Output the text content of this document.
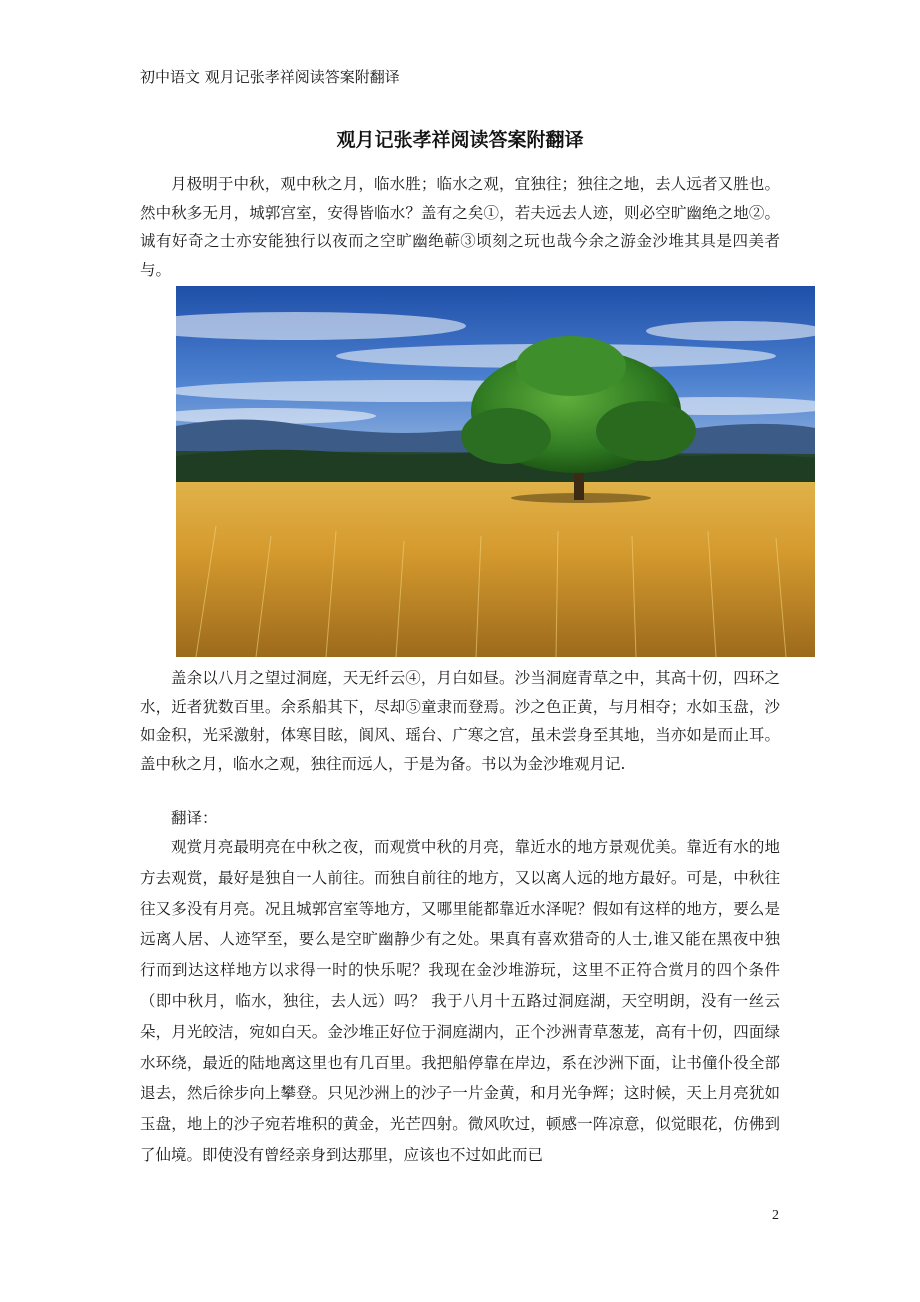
初中语文 观月记张孝祥阅读答案附翻译
观月记张孝祥阅读答案附翻译

月极明于中秋，观中秋之月，临水胜；临水之观，宜独往；独往之地，去人远者又胜也。然中秋多无月，城郭宫室，安得皆临水？盖有之矣①，若夫远去人迹，则必空旷幽绝之地②。诚有好奇之士亦安能独行以夜而之空旷幽绝蕲③顷刻之玩也哉今余之游金沙堆其具是四美者与。

盖余以八月之望过洞庭，天无纤云④，月白如昼。沙当洞庭青草之中，其高十仞，四环之水，近者犹数百里。余系船其下，尽却⑤童隶而登焉。沙之色正黄，与月相夺；水如玉盘，沙如金积，光采激射，体寒目眩，阆风、瑶台、广寒之宫，虽未尝身至其地，当亦如是而止耳。盖中秋之月，临水之观，独往而远人，于是为备。书以为金沙堆观月记.

翻译：

观赏月亮最明亮在中秋之夜，而观赏中秋的月亮，靠近水的地方景观优美。靠近有水的地方去观赏，最好是独自一人前往。而独自前往的地方，又以离人远的地方最好。可是，中秋往往又多没有月亮。况且城郭宫室等地方，又哪里能都靠近水泽呢？假如有这样的地方，要么是远离人居、人迹罕至，要么是空旷幽静少有之处。果真有喜欢猎奇的人士,谁又能在黑夜中独行而到达这样地方以求得一时的快乐呢？我现在金沙堆游玩，这里不正符合赏月的四个条件（即中秋月，临水，独往，去人远）吗？ 我于八月十五路过洞庭湖，天空明朗，没有一丝云朵，月光皎洁，宛如白天。金沙堆正好位于洞庭湖内，正个沙洲青草葱茏，高有十仞，四面绿水环绕，最近的陆地离这里也有几百里。我把船停靠在岸边，系在沙洲下面，让书僮仆役全部退去，然后徐步向上攀登。只见沙洲上的沙子一片金黄，和月光争辉；这时候，天上月亮犹如玉盘，地上的沙子宛若堆积的黄金，光芒四射。微风吹过，顿感一阵凉意，似觉眼花，仿佛到了仙境。即使没有曾经亲身到达那里，应该也不过如此而已

2
